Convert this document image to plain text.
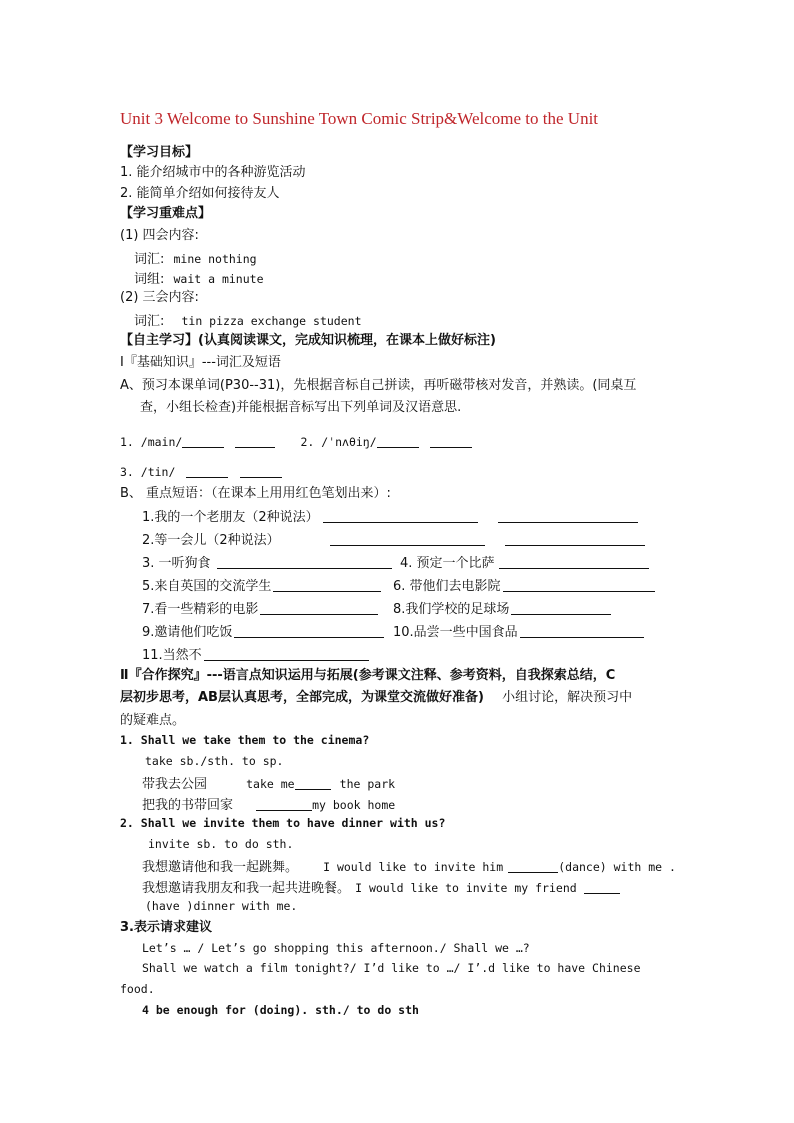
Unit 3 Welcome to Sunshine Town Comic Strip&Welcome to the Unit
【学习目标】
1. 能介绍城市中的各种游览活动
2. 能简单介绍如何接待友人
【学习重难点】
(1) 四会内容:
词汇: mine nothing
词组: wait a minute
(2) 三会内容:
词汇: tin pizza exchange student
【自主学习】(认真阅读课文，完成知识梳理，在课本上做好标注)
Ⅰ『基础知识』---词汇及短语
A、预习本课单词(P30--31)，先根据音标自己拼读，再听磁带核对发音，并熟读。(同桌互
查，小组长检查)并能根据音标写出下列单词及汉语意思.
1. /main/	2. /ˈnʌθiŋ/
3. /tin/
B、 重点短语：（在课本上用用红色笔划出来）:
1.我的一个老朋友（2种说法）
2.等一会儿（2种说法）
3. 一听狗食	4. 预定一个比萨
5.来自英国的交流学生	6. 带他们去电影院
7.看一些精彩的电影	8.我们学校的足球场
9.邀请他们吃饭	10.品尝一些中国食品
11.当然不
Ⅱ『合作探究』---语言点知识运用与拓展(参考课文注释、参考资料，自我探索总结，C
层初步思考，AB层认真思考，全部完成，为课堂交流做好准备) 小组讨论，解决预习中
的疑难点。
1. Shall we take them to the cinema?
take sb./sth. to sp.
带我去公园	take me	the park
把我的书带回家	my book home
2. Shall we invite them to have dinner with us?
invite sb. to do sth.
我想邀请他和我一起跳舞。 I would like to invite him	(dance) with me .
我想邀请我朋友和我一起共进晚餐。 I would like to invite my friend
(have )dinner with me.
3.表示请求建议
Let’s … / Let’s go shopping this afternoon./ Shall we …?
Shall we watch a film tonight?/ I’d like to …/ I’.d like to have Chinese
food.
4 be enough for (doing). sth./ to do sth
